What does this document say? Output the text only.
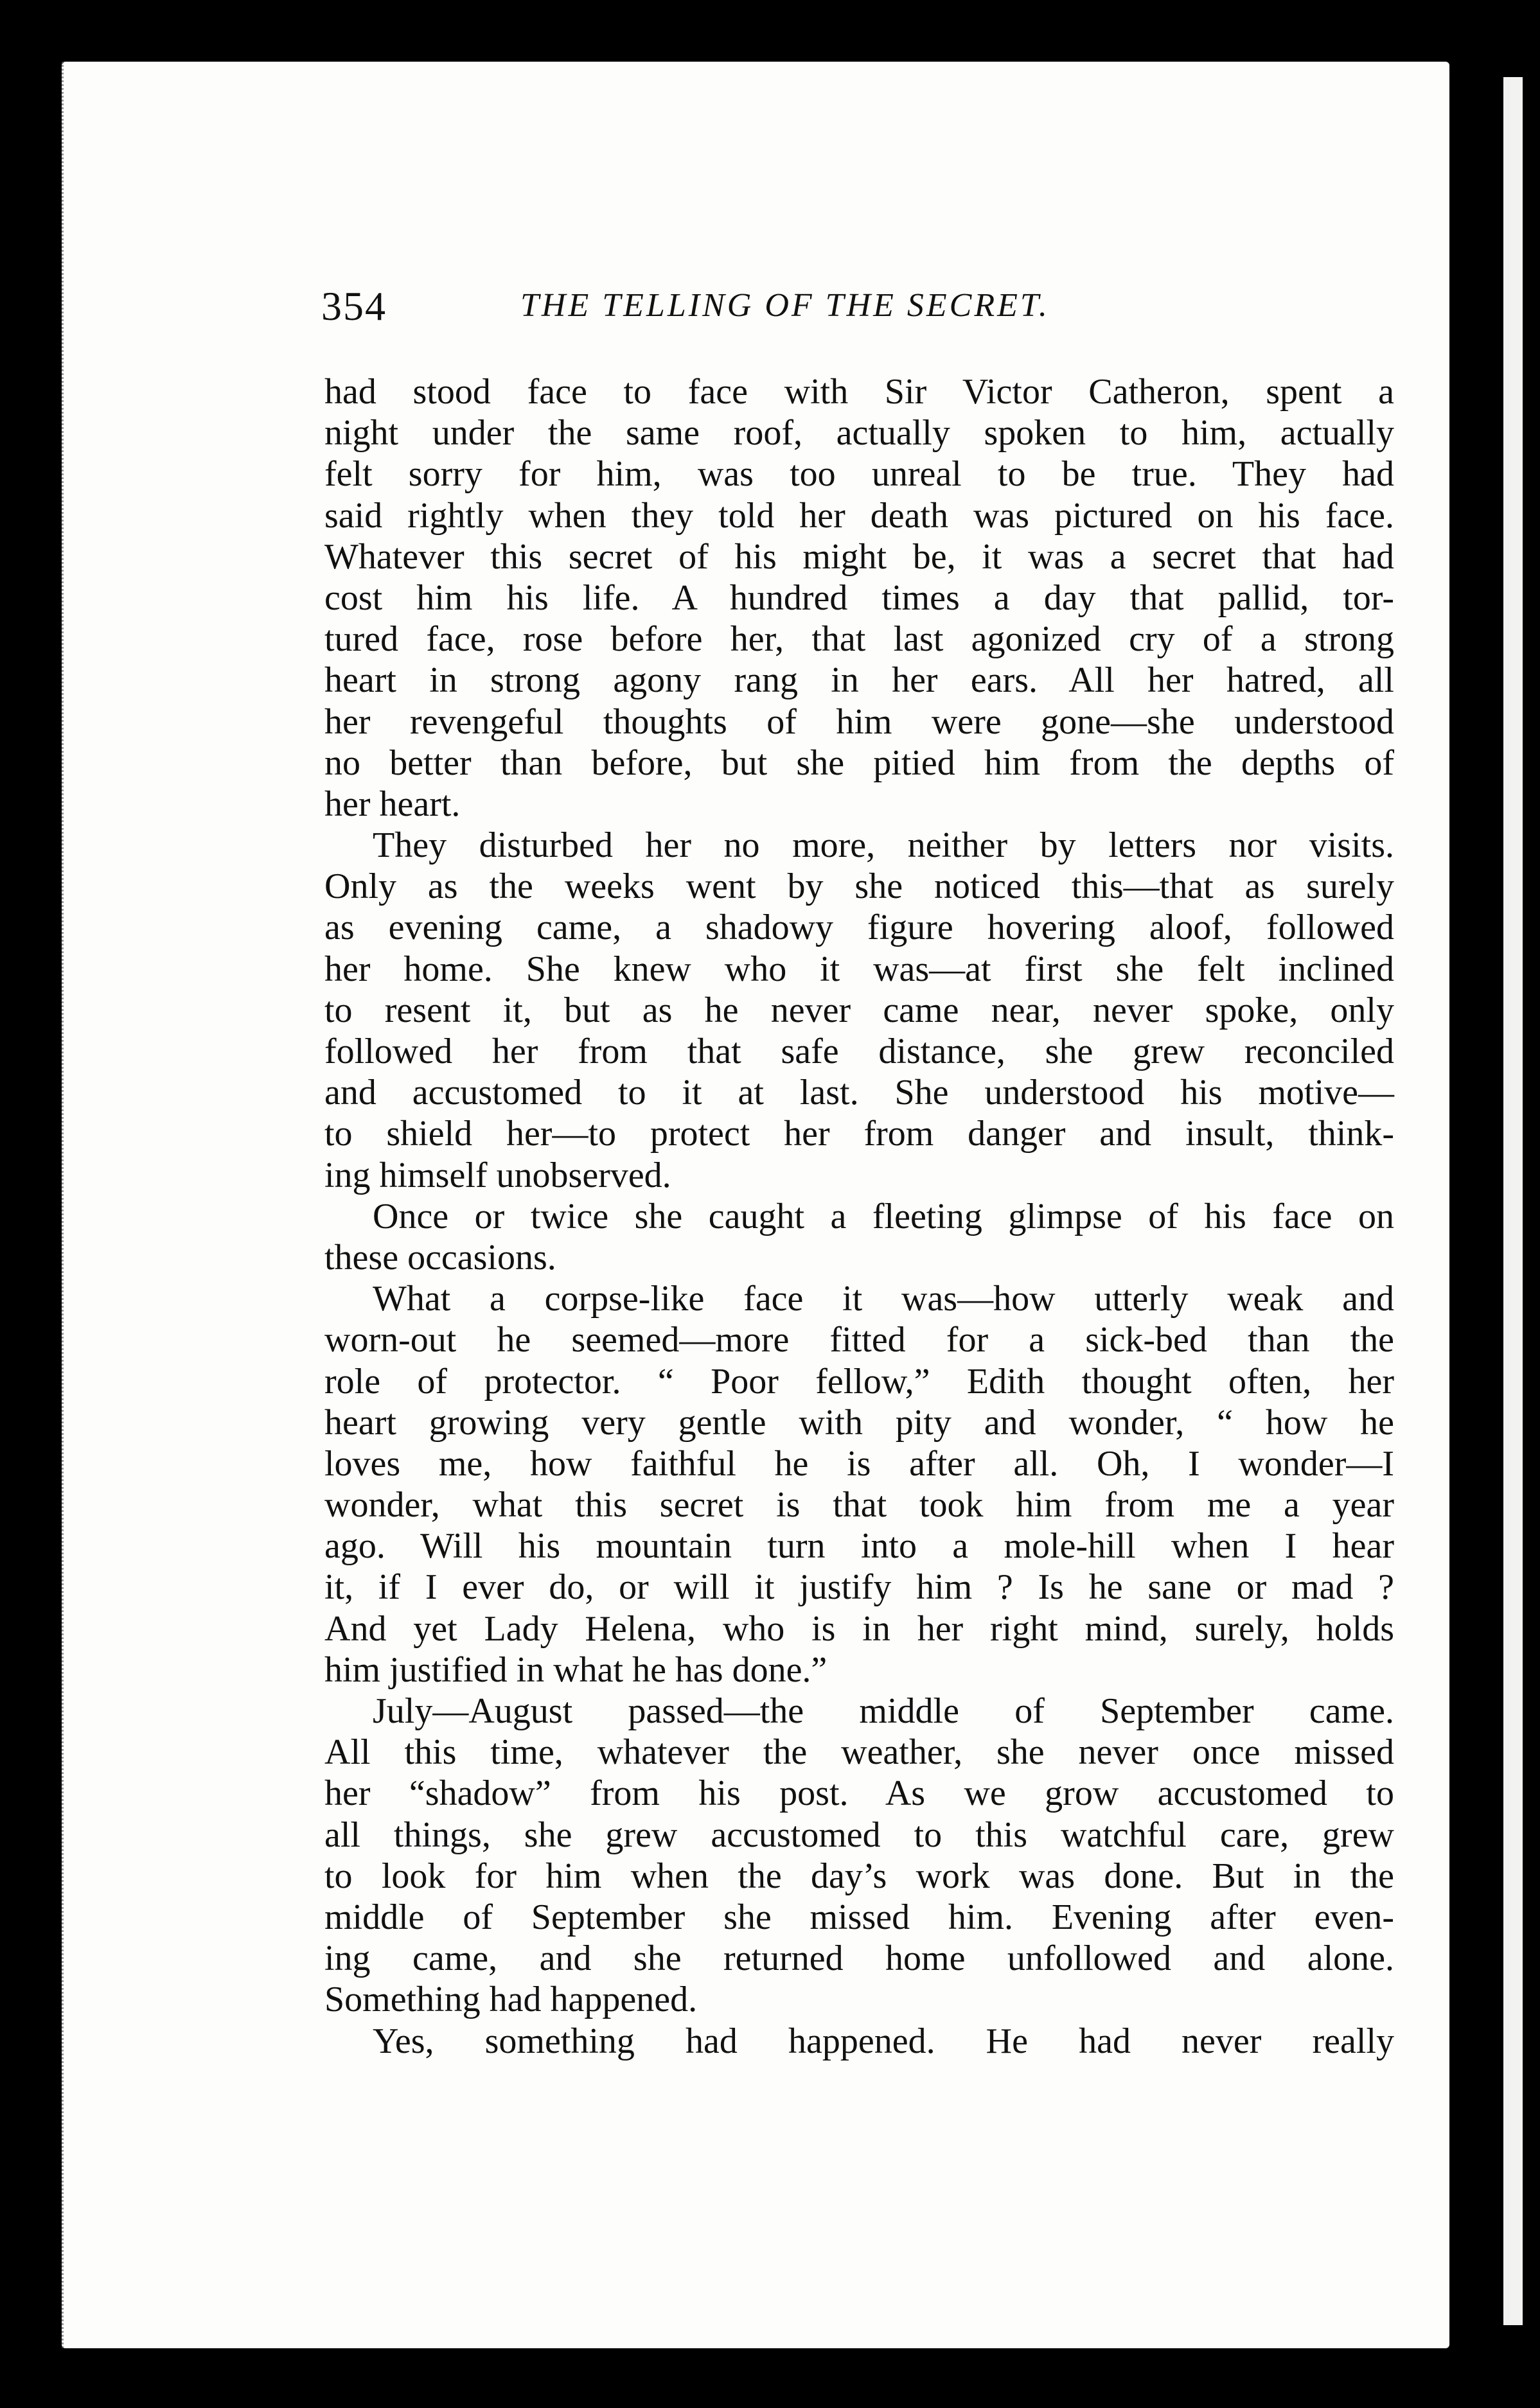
354	THE TELLING OF THE SECRET.
had stood face to face with Sir Victor Catheron, spent a
night under the same roof, actually spoken to him, actually
felt sorry for him, was too unreal to be true. They had
said rightly when they told her death was pictured on his face.
Whatever this secret of his might be, it was a secret that had
cost him his life. A hundred times a day that pallid, tor-
tured face, rose before her, that last agonized cry of a strong
heart in strong agony rang in her ears. All her hatred, all
her revengeful thoughts of him were gone—she understood
no better than before, but she pitied him from the depths of
her heart.
They disturbed her no more, neither by letters nor visits.
Only as the weeks went by she noticed this—that as surely
as evening came, a shadowy figure hovering aloof, followed
her home. She knew who it was—at first she felt inclined
to resent it, but as he never came near, never spoke, only
followed her from that safe distance, she grew reconciled
and accustomed to it at last. She understood his motive—
to shield her—to protect her from danger and insult, think-
ing himself unobserved.
Once or twice she caught a fleeting glimpse of his face on
these occasions.
What a corpse-like face it was—how utterly weak and
worn-out he seemed—more fitted for a sick-bed than the
role of protector. “ Poor fellow,” Edith thought often, her
heart growing very gentle with pity and wonder, “ how he
loves me, how faithful he is after all. Oh, I wonder—I
wonder, what this secret is that took him from me a year
ago. Will his mountain turn into a mole-hill when I hear
it, if I ever do, or will it justify him ? Is he sane or mad ?
And yet Lady Helena, who is in her right mind, surely, holds
him justified in what he has done.”
July—August passed—the middle of September came.
All this time, whatever the weather, she never once missed
her “shadow” from his post. As we grow accustomed to
all things, she grew accustomed to this watchful care, grew
to look for him when the day’s work was done. But in the
middle of September she missed him. Evening after even-
ing came, and she returned home unfollowed and alone.
Something had happened.
Yes, something had happened. He had never really
